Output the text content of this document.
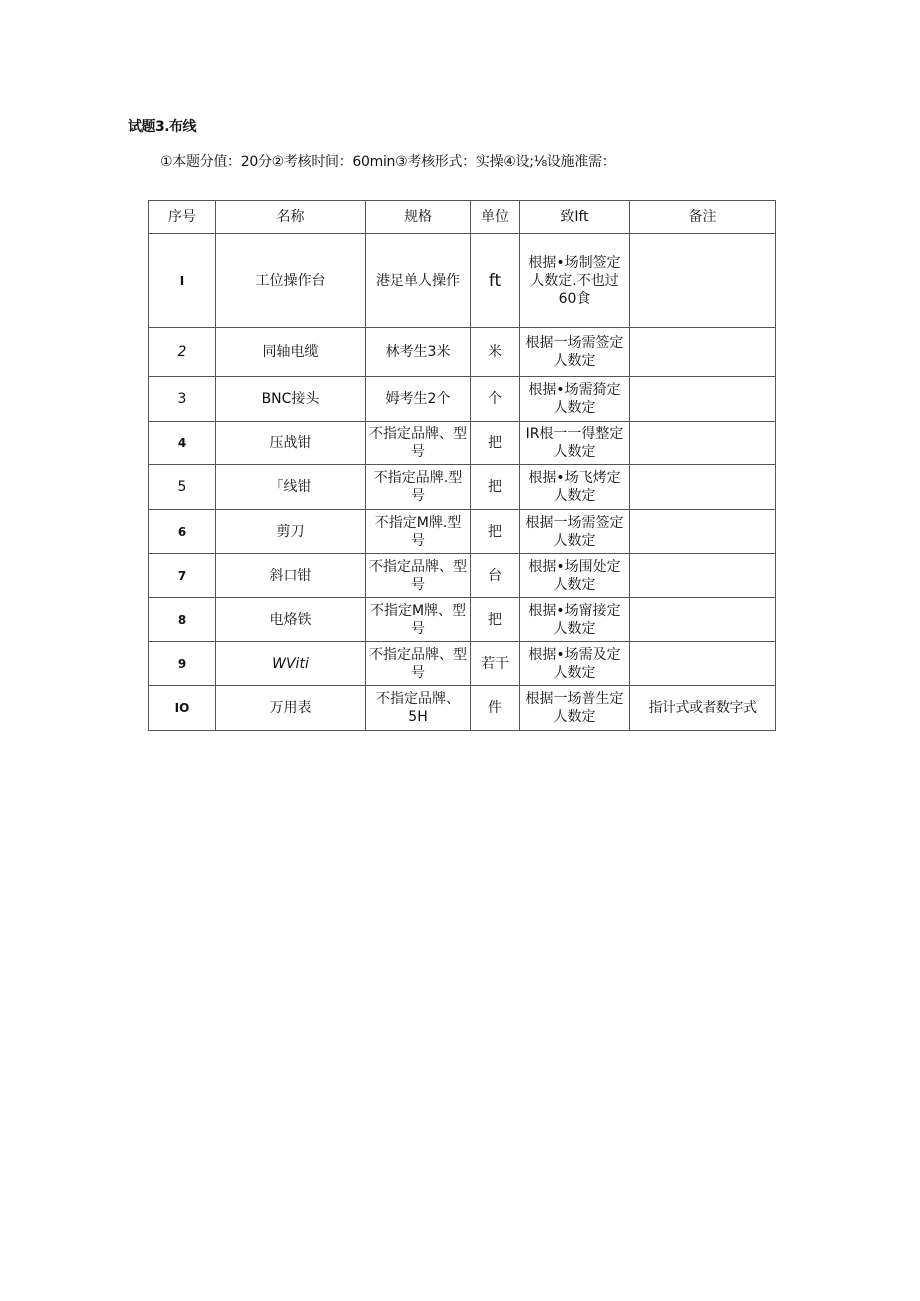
试题3.布线
①本题分值：20分②考核时间：60min③考核形式：实操④设;⅛设施准需：
序号	名称	规格	单位	致Ift	备注
I	工位操作台	港足单人操作	ft	根据•场制签定人数定.不也过60食	
2	同轴电缆	林考生3米	米	根据一场需签定人数定	
3	BNC接头	姆考生2个	个	根据•场需猗定人数定	
4	压战钳	不指定品牌、型号	把	IR根一一得整定人数定	

5	「线钳	不指定品牌.型号	把	根据•场飞烤定人数定	
6	剪刀	不指定M牌.型号	把	根据一场需签定人数定	
7	斜口钳	不指定品牌、型号	台	根据•场围处定人数定	
8	电烙铁	不指定M牌、型号	把	根据•场甯接定人数定	
9	WViti	不指定品牌、型号	若干	根据•场需及定人数定	
IO	万用表	不指定品牌、5H	件	根据一场普生定人数定	指计式或者数字式
